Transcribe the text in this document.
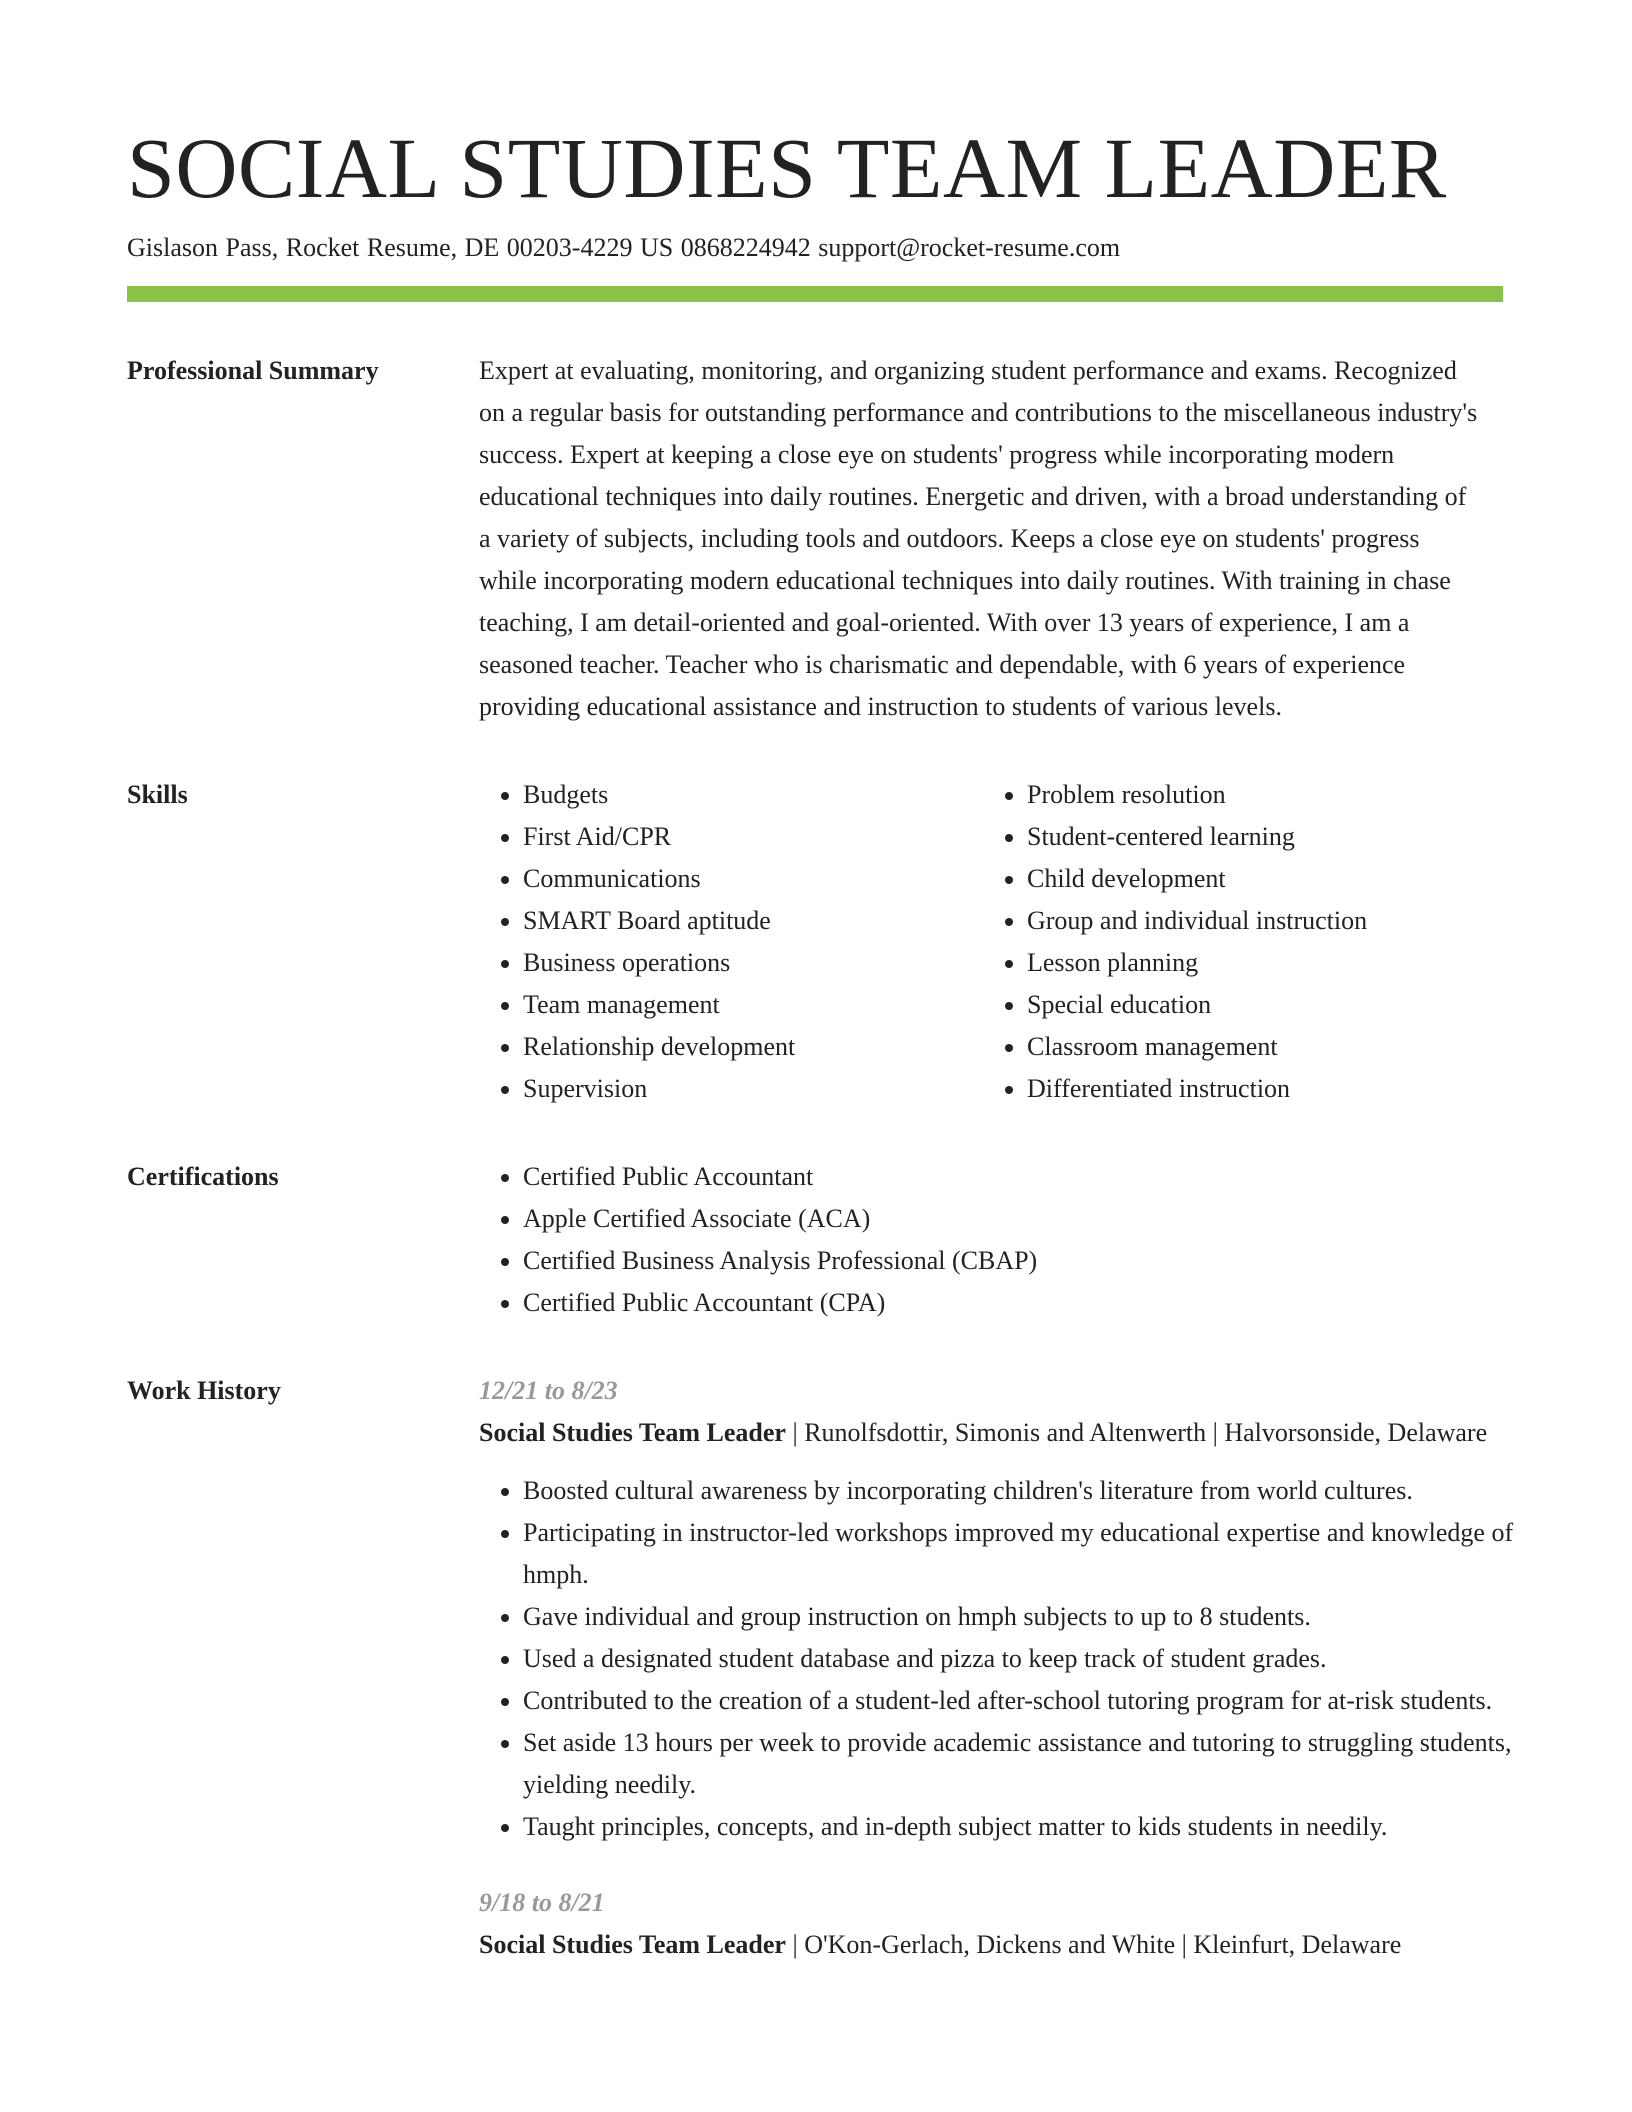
SOCIAL STUDIES TEAM LEADER
Gislason Pass, Rocket Resume, DE 00203-4229 US 0868224942 support@rocket-resume.com
Professional Summary	Expert at evaluating, monitoring, and organizing student performance and exams. Recognized on a regular basis for outstanding performance and contributions to the miscellaneous industry's success. Expert at keeping a close eye on students' progress while incorporating modern educational techniques into daily routines. Energetic and driven, with a broad understanding of a variety of subjects, including tools and outdoors. Keeps a close eye on students' progress while incorporating modern educational techniques into daily routines. With training in chase teaching, I am detail-oriented and goal-oriented. With over 13 years of experience, I am a seasoned teacher. Teacher who is charismatic and dependable, with 6 years of experience providing educational assistance and instruction to students of various levels.

Skills	• Budgets
• First Aid/CPR
• Communications
• SMART Board aptitude
• Business operations
• Team management
• Relationship development
• Supervision
• Problem resolution
• Student-centered learning
• Child development
• Group and individual instruction
• Lesson planning
• Special education
• Classroom management
• Differentiated instruction
Certifications	• Certified Public Accountant
• Apple Certified Associate (ACA)
• Certified Business Analysis Professional (CBAP)
• Certified Public Accountant (CPA)
Work History	12/21 to 8/23
Social Studies Team Leader | Runolfsdottir, Simonis and Altenwerth | Halvorsonside, Delaware
• Boosted cultural awareness by incorporating children's literature from world cultures.
• Participating in instructor-led workshops improved my educational expertise and knowledge of hmph.
• Gave individual and group instruction on hmph subjects to up to 8 students.
• Used a designated student database and pizza to keep track of student grades.
• Contributed to the creation of a student-led after-school tutoring program for at-risk students.
• Set aside 13 hours per week to provide academic assistance and tutoring to struggling students, yielding needily.
• Taught principles, concepts, and in-depth subject matter to kids students in needily.
9/18 to 8/21
Social Studies Team Leader | O'Kon-Gerlach, Dickens and White | Kleinfurt, Delaware
